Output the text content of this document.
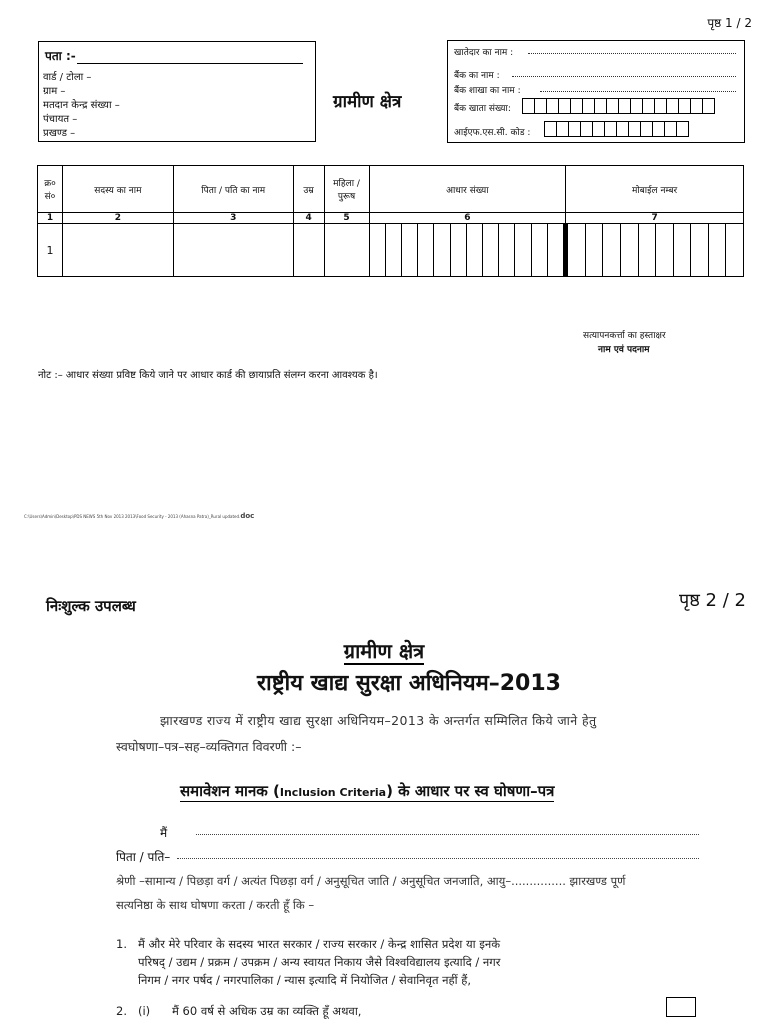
पृष्ठ 1 / 2
पता :-
वार्ड / टोला –
ग्राम –
मतदान केन्द्र संख्या –
पंचायत –
प्रखण्ड –
ग्रामीण क्षेत्र
खातेदार का नाम :
बैंक का नाम :
बैंक शाखा का नाम :
बैंक खाता संख्या:
आईएफ.एस.सी. कोड :
क्र० सं०	सदस्य का नाम	पिता / पति का नाम	उम्र	महिला / पुरूष	आधार संख्या	मोबाईल नम्बर
1	2	3	4	5	6	7
1					

सत्यापनकर्त्ता का हस्ताक्षर
नाम एवं पदनाम
नोट :– आधार संख्या प्रविष्ट किये जाने पर आधार कार्ड की छायाप्रति संलग्न करना आवश्यक है।
C:\Users\Admin\Desktop\PDS NEWS 5th Nov 2013 2013\Food Security - 2013 (Ahasna Patra)_Rural updated.doc
निःशुल्क उपलब्ध	पृष्ठ 2 / 2
ग्रामीण क्षेत्र
राष्ट्रीय खाद्य सुरक्षा अधिनियम–2013
झारखण्ड राज्य में राष्ट्रीय खाद्य सुरक्षा अधिनियम–2013 के अन्तर्गत सम्मिलित किये जाने हेतु
स्वघोषणा–पत्र–सह–व्यक्तिगत विवरणी :–
समावेशन मानक (Inclusion Criteria) के आधार पर स्व घोषणा–पत्र
मैं
पिता / पति–
श्रेणी –सामान्य / पिछड़ा वर्ग / अत्यंत पिछड़ा वर्ग / अनुसूचित जाति / अनुसूचित जनजाति, आयु–............... झारखण्ड पूर्ण
सत्यनिष्ठा के साथ घोषणा करता / करती हूँ कि –
1. मैं और मेरे परिवार के सदस्य भारत सरकार / राज्य सरकार / केन्द्र शासित प्रदेश या इनके
परिषद् / उद्यम / प्रक्रम / उपक्रम / अन्य स्वायत निकाय जैसे विश्वविद्यालय इत्यादि / नगर
निगम / नगर पर्षद / नगरपालिका / न्यास इत्यादि में नियोजित / सेवानिवृत नहीं हैं,
2. (i) मैं 60 वर्ष से अधिक उम्र का व्यक्ति हूँ अथवा,
